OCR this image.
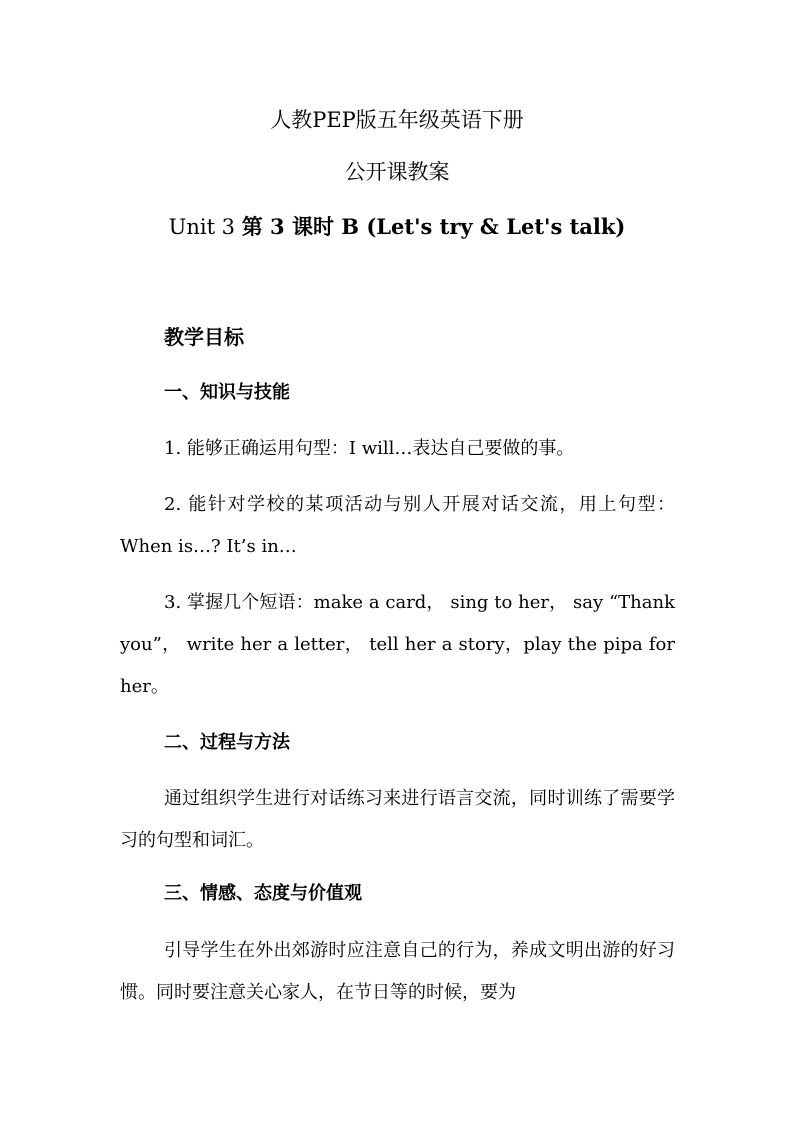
人教PEP版五年级英语下册
公开课教案
Unit 3 第 3 课时 B (Let's try & Let's talk)
教学目标
一、知识与技能
1. 能够正确运用句型：I will…表达自己要做的事。
2. 能针对学校的某项活动与别人开展对话交流，用上句型：When is…? It’s in…
3. 掌握几个短语：make a card， sing to her， say “Thank you”， write her a letter， tell her a story，play the pipa for her。
二、过程与方法
通过组织学生进行对话练习来进行语言交流，同时训练了需要学习的句型和词汇。
三、情感、态度与价值观
引导学生在外出郊游时应注意自己的行为，养成文明出游的好习惯。同时要注意关心家人，在节日等的时候，要为
